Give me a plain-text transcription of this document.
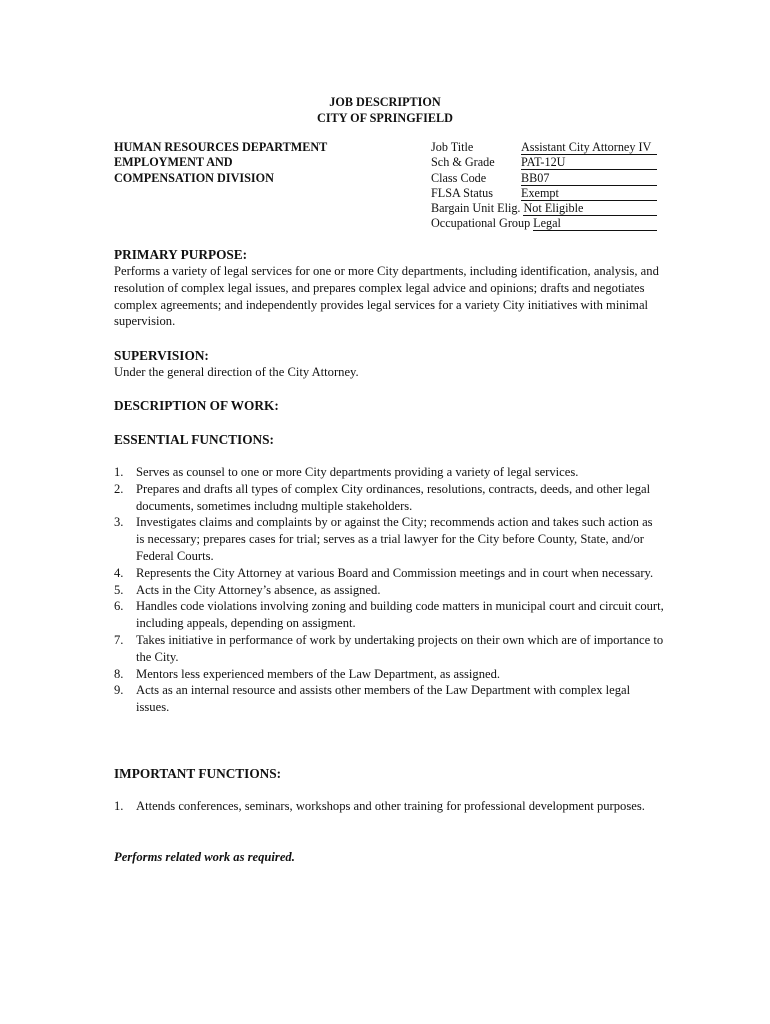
JOB DESCRIPTION
CITY OF SPRINGFIELD
HUMAN RESOURCES DEPARTMENT
EMPLOYMENT AND
COMPENSATION DIVISION
Job Title	Assistant City Attorney IV
Sch & Grade	PAT-12U
Class Code	BB07
FLSA Status	Exempt
Bargain Unit Elig. Not Eligible
Occupational Group Legal
PRIMARY PURPOSE:

Performs a variety of legal services for one or more City departments, including identification, analysis, and resolution of complex legal issues, and prepares complex legal advice and opinions; drafts and negotiates complex agreements; and independently provides legal services for a variety City initiatives with minimal supervision.

SUPERVISION:

Under the general direction of the City Attorney.

DESCRIPTION OF WORK:
ESSENTIAL FUNCTIONS:
1. Serves as counsel to one or more City departments providing a variety of legal services.
2. Prepares and drafts all types of complex City ordinances, resolutions, contracts, deeds, and other legal documents, sometimes includng multiple stakeholders.
3. Investigates claims and complaints by or against the City; recommends action and takes such action as is necessary; prepares cases for trial; serves as a trial lawyer for the City before County, State, and/or Federal Courts.
4. Represents the City Attorney at various Board and Commission meetings and in court when necessary.
5. Acts in the City Attorney’s absence, as assigned.
6. Handles code violations involving zoning and building code matters in municipal court and circuit court, including appeals, depending on assigment.
7. Takes initiative in performance of work by undertaking projects on their own which are of importance to the City.
8. Mentors less experienced members of the Law Department, as assigned.
9. Acts as an internal resource and assists other members of the Law Department with complex legal issues.
IMPORTANT FUNCTIONS:
1. Attends conferences, seminars, workshops and other training for professional development purposes.

Performs related work as required.
